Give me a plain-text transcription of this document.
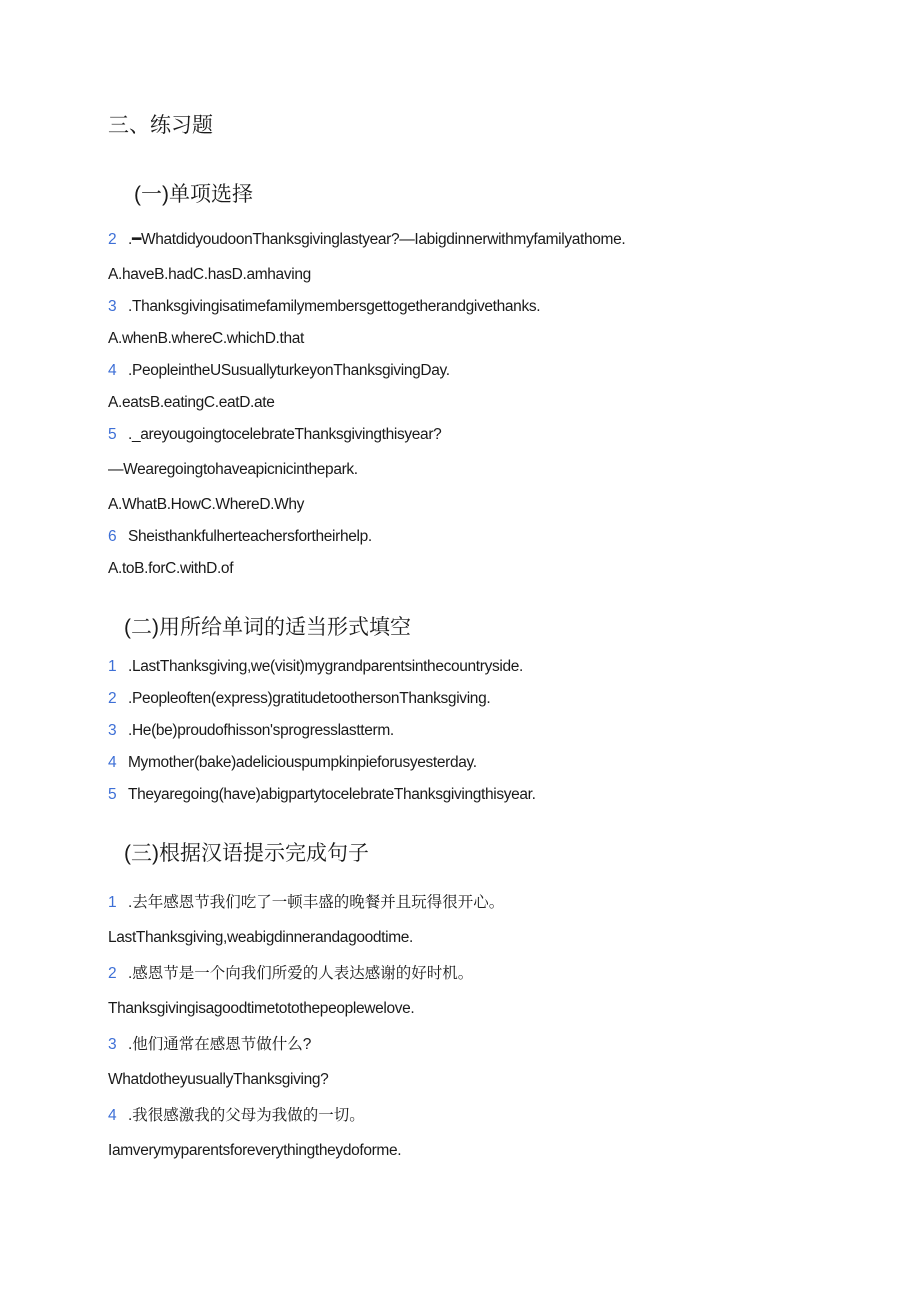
三、练习题
(一)单项选择
2 .━WhatdidyoudoonThanksgivinglastyear?—Iabigdinnerwithmyfamilyathome.
A.haveB.hadC.hasD.amhaving
3 .Thanksgivingisatimefamilymembersgettogetherandgivethanks.
A.whenB.whereC.whichD.that
4 .PeopleintheUSusuallyturkeyonThanksgivingDay.
A.eatsB.eatingC.eatD.ate
5 ._areyougoingtocelebrateThanksgivingthisyear?
—Wearegoingtohaveapicnicinthepark.
A.WhatB.HowC.WhereD.Why
6 Sheisthankfulherteachersfortheirhelp.
A.toB.forC.withD.of
(二)用所给单词的适当形式填空
1 .LastThanksgiving,we(visit)mygrandparentsinthecountryside.
2 .Peopleoften(express)gratitudetoothersonThanksgiving.
3 .He(be)proudofhisson'sprogresslastterm.
4 Mymother(bake)adeliciouspumpkinpieforusyesterday.
5 Theyaregoing(have)abigpartytocelebrateThanksgivingthisyear.
(三)根据汉语提示完成句子
1 .去年感恩节我们吃了一顿丰盛的晚餐并且玩得很开心。
LastThanksgiving,weabigdinnerandagoodtime.
2 .感恩节是一个向我们所爱的人表达感谢的好时机。
Thanksgivingisagoodtimetotothepeoplewelove.
3 .他们通常在感恩节做什么?
WhatdotheyusuallyThanksgiving?
4 .我很感激我的父母为我做的一切。
Iamverymyparentsforeverythingtheydoforme.
